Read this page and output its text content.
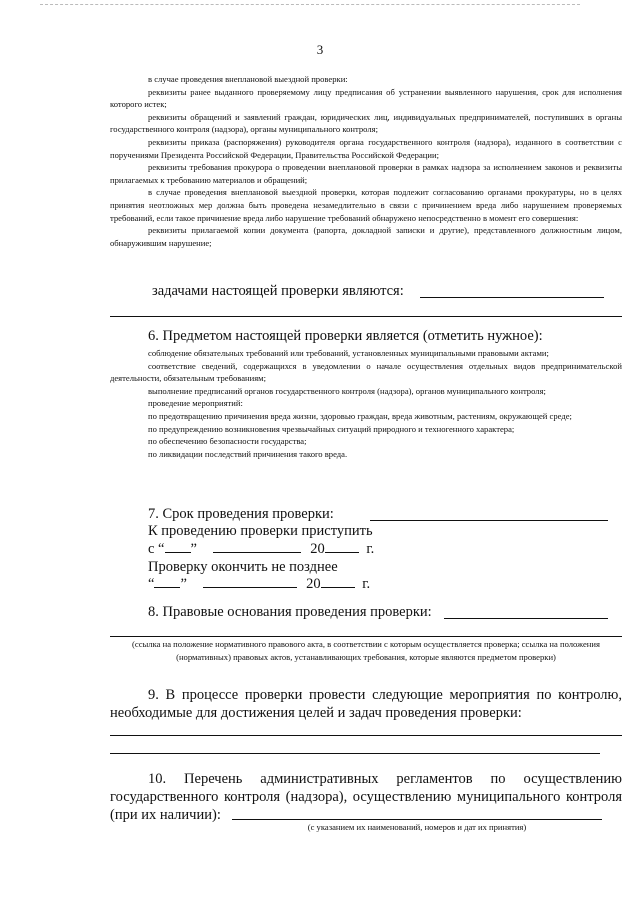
3

в случае проведения внеплановой выездной проверки:

реквизиты ранее выданного проверяемому лицу предписания об устранении выявленного нарушения, срок для исполнения которого истек;

реквизиты обращений и заявлений граждан, юридических лиц, индивидуальных предпринимателей, поступивших в органы государственного контроля (надзора), органы муниципального контроля;

реквизиты приказа (распоряжения) руководителя органа государственного контроля (надзора), изданного в соответствии с поручениями Президента Российской Федерации, Правительства Российской Федерации;

реквизиты требования прокурора о проведении внеплановой проверки в рамках надзора за исполнением законов и реквизиты прилагаемых к требованию материалов и обращений;

в случае проведения внеплановой выездной проверки, которая подлежит согласованию органами прокуратуры, но в целях принятия неотложных мер должна быть проведена незамедлительно в связи с причинением вреда либо нарушением проверяемых требований, если такое причинение вреда либо нарушение требований обнаружено непосредственно в момент его совершения:

реквизиты прилагаемой копии документа (рапорта, докладной записки и другие), представленного должностным лицом, обнаружившим нарушение;

задачами настоящей проверки являются:
6. Предметом настоящей проверки является (отметить нужное):

соблюдение обязательных требований или требований, установленных муниципальными правовыми актами;

соответствие сведений, содержащихся в уведомлении о начале осуществления отдельных видов предпринимательской деятельности, обязательным требованиям;

выполнение предписаний органов государственного контроля (надзора), органов муниципального контроля;

проведение мероприятий:

по предотвращению причинения вреда жизни, здоровью граждан, вреда животным, растениям, окружающей среде;

по предупреждению возникновения чрезвычайных ситуаций природного и техногенного характера;

по обеспечению безопасности государства;

по ликвидации последствий причинения такого вреда.

7. Срок проведения проверки:
К проведению проверки приступить
с “ ”	20	г.
Проверку окончить не позднее
“ ”	20	г.
8. Правовые основания проведения проверки:
(ссылка на положение нормативного правового акта, в соответствии с которым осуществляется проверка; ссылка на положения (нормативных) правовых актов, устанавливающих требования, которые являются предметом проверки)
9. В процессе проверки провести следующие мероприятия по контролю, необходимые для достижения целей и задач проведения проверки:
10. Перечень административных регламентов по осуществлению государственного контроля (надзора), осуществлению муниципального контроля (при их наличии):
(с указанием их наименований, номеров и дат их принятия)
